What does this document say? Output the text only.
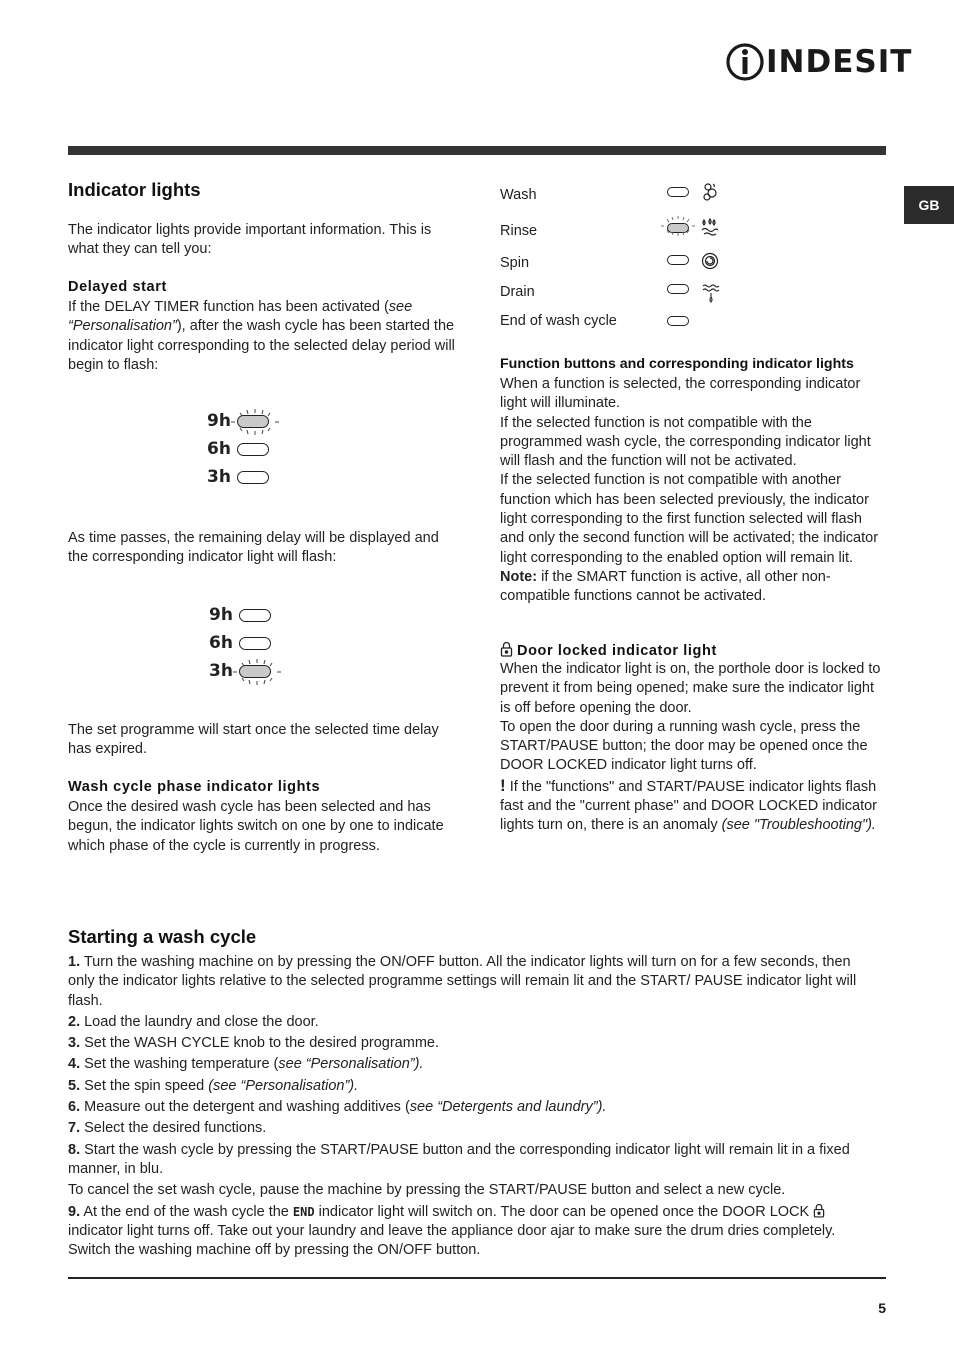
INDESIT
GB
Indicator lights
The indicator lights provide important information. This is what they can tell you:
Delayed start
If the DELAY TIMER function has been activated (see “Personalisation”), after the wash cycle has been started the indicator light corresponding to the selected delay period will begin to flash:
9h
6h
3h
As time passes, the remaining delay will be displayed and the corresponding indicator light will flash:
9h
6h
3h
The set programme will start once the selected time delay has expired.
Wash cycle phase indicator lights
Once the desired wash cycle has been selected and has begun, the indicator lights switch on one by one to indicate which phase of the cycle is currently in progress.
Wash
Rinse
Spin
Drain
End of wash cycle
Function buttons and corresponding indicator lights
When a function is selected, the corresponding indicator light will illuminate.
If the selected function is not compatible with the programmed wash cycle, the corresponding indicator light will flash and the function will not be activated.
If the selected function is not compatible with another function which has been selected previously, the indicator light corresponding to the first function selected will flash and only the second function will be activated; the indicator light corresponding to the enabled option will remain lit.
Note: if the SMART function is active, all other non-compatible functions cannot be activated.
Door locked indicator light
When the indicator light is on, the porthole door is locked to prevent it from being opened; make sure the indicator light is off before opening the door.
To open the door during a running wash cycle, press the START/PAUSE button; the door may be opened once the DOOR LOCKED indicator light turns off.
! If the "functions" and START/PAUSE indicator lights flash fast and the "current phase" and DOOR LOCKED indicator lights turn on, there is an anomaly (see "Troubleshooting").
Starting a wash cycle
1. Turn the washing machine on by pressing the ON/OFF button. All the indicator lights will turn on for a few seconds, then only the indicator lights relative to the selected programme settings will remain lit and the START/ PAUSE indicator light will flash.
2. Load the laundry and close the door.
3. Set the WASH CYCLE knob to the desired programme.
4. Set the washing temperature (see “Personalisation”).
5. Set the spin speed (see “Personalisation”).
6. Measure out the detergent and washing additives (see “Detergents and laundry”).
7. Select the desired functions.
8. Start the wash cycle by pressing the START/PAUSE button and the corresponding indicator light will remain lit in a fixed manner, in blu.
To cancel the set wash cycle, pause the machine by pressing the START/PAUSE button and select a new cycle.
9. At the end of the wash cycle the END indicator light will switch on. The door can be opened once the DOOR LOCK  indicator light turns off. Take out your laundry and leave the appliance door ajar to make sure the drum dries completely. Switch the washing machine off by pressing the ON/OFF button.
5
